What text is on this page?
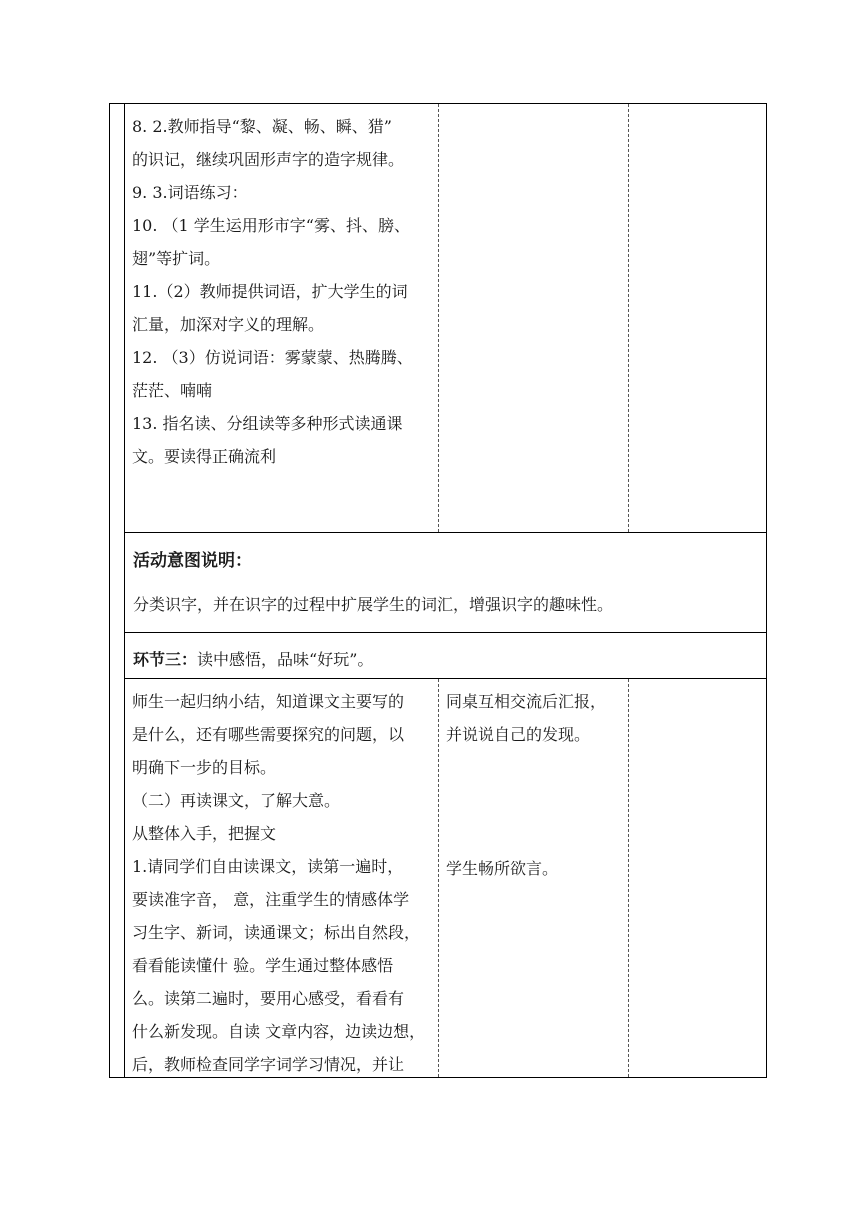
8. 2.教师指导“黎、凝、畅、瞬、猎”

的识记，继续巩固形声字的造字规律。

9. 3.词语练习：

10. （1 学生运用形市字“雾、抖、膀、

翅”等扩词。

11.（2）教师提供词语，扩大学生的词

汇量，加深对字义的理解。

12. （3）仿说词语：雾蒙蒙、热腾腾、

茫茫、喃喃

13. 指名读、分组读等多种形式读通课

文。要读得正确流利

活动意图说明：
分类识字，并在识字的过程中扩展学生的词汇，增强识字的趣味性。
环节三：读中感悟，品味“好玩”。

师生一起归纳小结，知道课文主要写的

是什么，还有哪些需要探究的问题，以

明确下一步的目标。

（二）再读课文，了解大意。

从整体入手，把握文

1.请同学们自由读课文，读第一遍时，

要读准字音， 意，注重学生的情感体学

习生字、新词，读通课文；标出自然段，

看看能读懂什 验。学生通过整体感悟

么。读第二遍时，要用心感受，看看有

什么新发现。自读 文章内容，边读边想，

后，教师检查同学字词学习情况，并让

同桌互相交流后汇报，

并说说自己的发现。

学生畅所欲言。
